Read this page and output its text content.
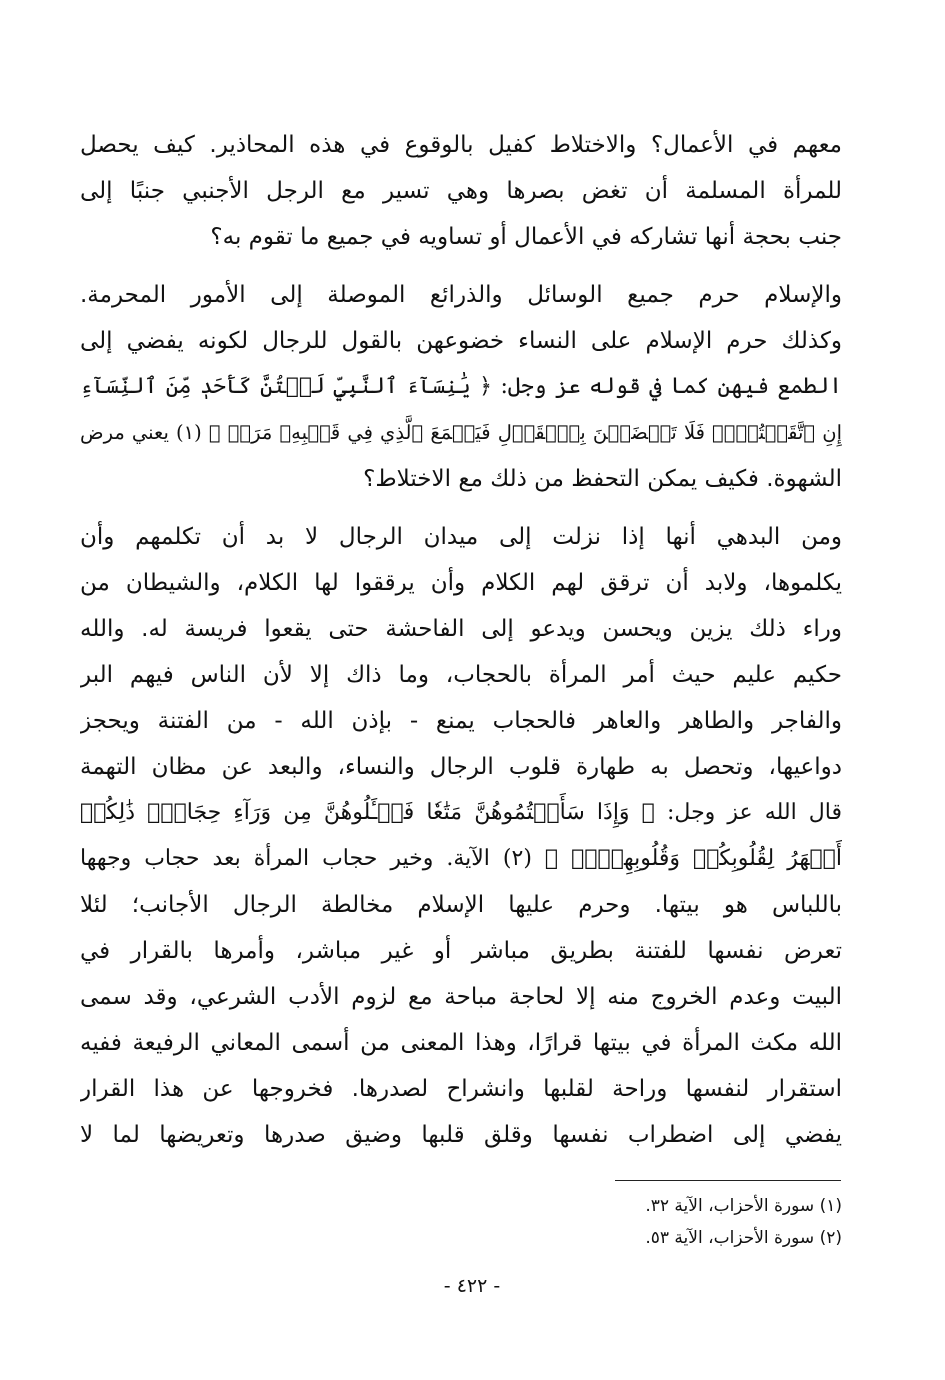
معهم في الأعمال؟ والاختلاط كفيل بالوقوع في هذه المحاذير. كيف يحصل
للمرأة المسلمة أن تغض بصرها وهي تسير مع الرجل الأجنبي جنبًا إلى
جنب بحجة أنها تشاركه في الأعمال أو تساويه في جميع ما تقوم به؟
والإسلام حرم جميع الوسائل والذرائع الموصلة إلى الأمور المحرمة.
وكذلك حرم الإسلام على النساء خضوعهن بالقول للرجال لكونه يفضي إلى
الطمع فيهن كما في قوله عز وجل: ﴿ يَٰنِسَآءَ ٱلنَّبِيِّ لَسۡتُنَّ كَأَحَدٖ مِّنَ ٱلنِّسَآءِ
إِنِ ٱتَّقَيۡتُنَّۚ فَلَا تَخۡضَعۡنَ بِٱلۡقَوۡلِ فَيَطۡمَعَ ٱلَّذِي فِي قَلۡبِهِۦ مَرَضٞ ﴾ (١) يعني مرض
الشهوة. فكيف يمكن التحفظ من ذلك مع الاختلاط؟
ومن البدهي أنها إذا نزلت إلى ميدان الرجال لا بد أن تكلمهم وأن
يكلموها، ولابد أن ترقق لهم الكلام وأن يرققوا لها الكلام، والشيطان من
وراء ذلك يزين ويحسن ويدعو إلى الفاحشة حتى يقعوا فريسة له. والله
حكيم عليم حيث أمر المرأة بالحجاب، وما ذاك إلا لأن الناس فيهم البر
والفاجر والطاهر والعاهر فالحجاب يمنع - بإذن الله - من الفتنة ويحجز
دواعيها، وتحصل به طهارة قلوب الرجال والنساء، والبعد عن مظان التهمة
قال الله عز وجل: ﴿ وَإِذَا سَأَلۡتُمُوهُنَّ مَتَٰعٗا فَسۡـَٔلُوهُنَّ مِن وَرَآءِ حِجَابٖۚ ذَٰلِكُمۡ
أَطۡهَرُ لِقُلُوبِكُمۡ وَقُلُوبِهِنَّۚ ﴾ (٢) الآية. وخير حجاب المرأة بعد حجاب وجهها
باللباس هو بيتها. وحرم عليها الإسلام مخالطة الرجال الأجانب؛ لئلا
تعرض نفسها للفتنة بطريق مباشر أو غير مباشر، وأمرها بالقرار في
البيت وعدم الخروج منه إلا لحاجة مباحة مع لزوم الأدب الشرعي، وقد سمى
الله مكث المرأة في بيتها قرارًا، وهذا المعنى من أسمى المعاني الرفيعة ففيه
استقرار لنفسها وراحة لقلبها وانشراح لصدرها. فخروجها عن هذا القرار
يفضي إلى اضطراب نفسها وقلق قلبها وضيق صدرها وتعريضها لما لا
(١) سورة الأحزاب، الآية ٣٢.
(٢) سورة الأحزاب، الآية ٥٣.
- ٤٢٢ -
